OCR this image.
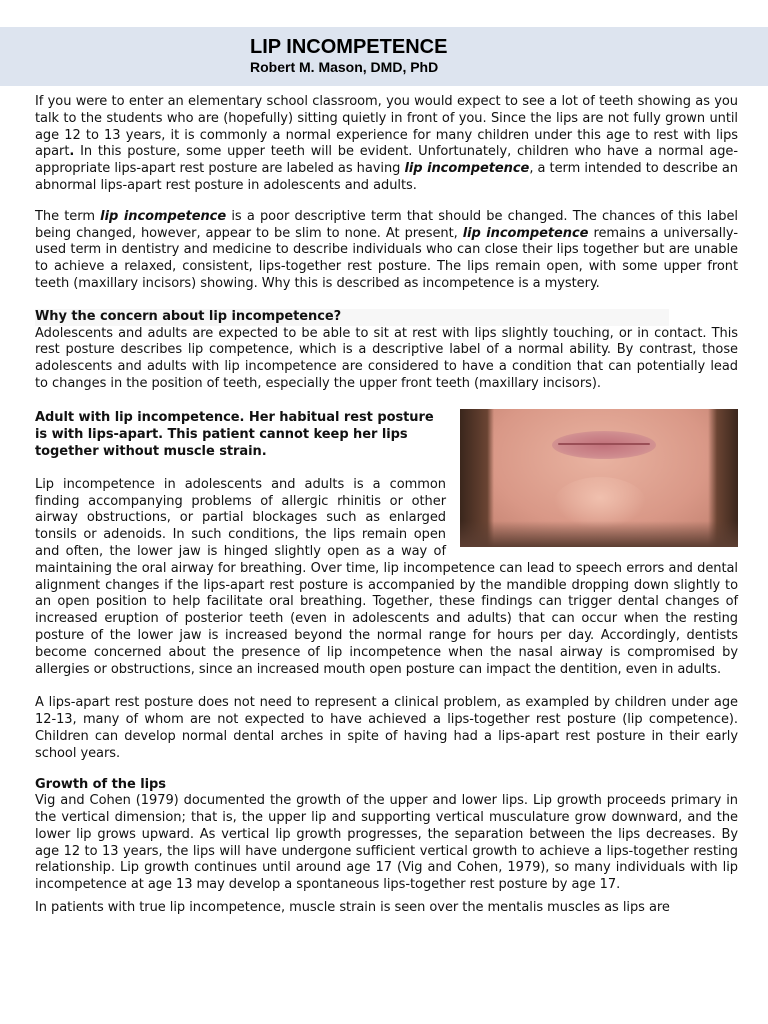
LIP INCOMPETENCE
Robert M. Mason, DMD, PhD

If you were to enter an elementary school classroom, you would expect to see a lot of teeth showing as you talk to the students who are (hopefully) sitting quietly in front of you. Since the lips are not fully grown until age 12 to 13 years, it is commonly a normal experience for many children under this age to rest with lips apart. In this posture, some upper teeth will be evident. Unfortunately, children who have a normal age-appropriate lips-apart rest posture are labeled as having lip incompetence, a term intended to describe an abnormal lips-apart rest posture in adolescents and adults.

The term lip incompetence is a poor descriptive term that should be changed. The chances of this label being changed, however, appear to be slim to none. At present, lip incompetence remains a universally-used term in dentistry and medicine to describe individuals who can close their lips together but are unable to achieve a relaxed, consistent, lips-together rest posture. The lips remain open, with some upper front teeth (maxillary incisors) showing. Why this is described as incompetence is a mystery.

Why the concern about lip incompetence?

Adolescents and adults are expected to be able to sit at rest with lips slightly touching, or in contact. This rest posture describes lip competence, which is a descriptive label of a normal ability. By contrast, those adolescents and adults with lip incompetence are considered to have a condition that can potentially lead to changes in the position of teeth, especially the upper front teeth (maxillary incisors).

Adult with lip incompetence. Her habitual rest posture is with lips-apart. This patient cannot keep her lips together without muscle strain.

Lip incompetence in adolescents and adults is a common finding accompanying problems of allergic rhinitis or other airway obstructions, or partial blockages such as enlarged tonsils or adenoids. In such conditions, the lips remain open and often, the lower jaw is hinged slightly open as a way of maintaining the oral airway for breathing. Over time, lip incompetence can lead to speech errors and dental alignment changes if the lips-apart rest posture is accompanied by the mandible dropping down slightly to an open position to help facilitate oral breathing. Together, these findings can trigger dental changes of increased eruption of posterior teeth (even in adolescents and adults) that can occur when the resting posture of the lower jaw is increased beyond the normal range for hours per day. Accordingly, dentists become concerned about the presence of lip incompetence when the nasal airway is compromised by allergies or obstructions, since an increased mouth open posture can impact the dentition, even in adults.

A lips-apart rest posture does not need to represent a clinical problem, as exampled by children under age 12-13, many of whom are not expected to have achieved a lips-together rest posture (lip competence). Children can develop normal dental arches in spite of having had a lips-apart rest posture in their early school years.

Growth of the lips

Vig and Cohen (1979) documented the growth of the upper and lower lips. Lip growth proceeds primary in the vertical dimension; that is, the upper lip and supporting vertical musculature grow downward, and the lower lip grows upward. As vertical lip growth progresses, the separation between the lips decreases. By age 12 to 13 years, the lips will have undergone sufficient vertical growth to achieve a lips-together resting relationship. Lip growth continues until around age 17 (Vig and Cohen, 1979), so many individuals with lip incompetence at age 13 may develop a spontaneous lips-together rest posture by age 17.

In patients with true lip incompetence, muscle strain is seen over the mentalis muscles as lips are
